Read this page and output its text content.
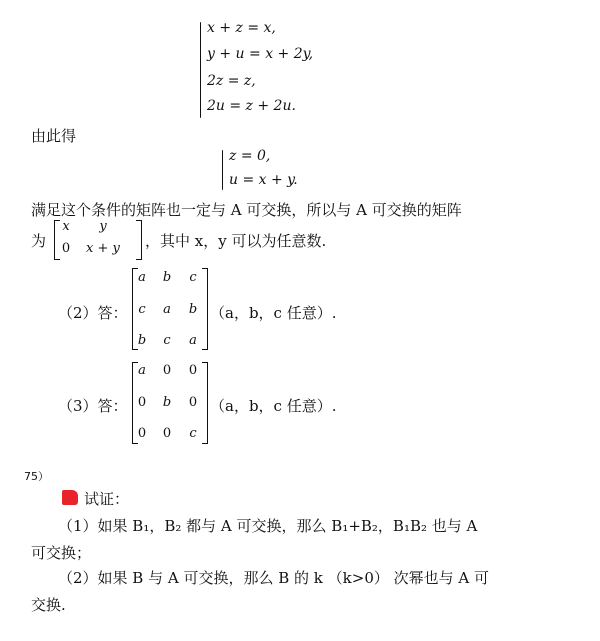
x + z = x,
y + u = x + 2y,
2z = z,
2u = z + 2u.
由此得
z = 0,
u = x + y.
满足这个条件的矩阵也一定与 A 可交换，所以与 A 可交换的矩阵
为
x	y
0	x + y ，其中 x，y 可以为任意数.
（2）答：
a	b	c
c	a	b
b	c	a
（a，b，c 任意）.
（3）答：
a	0	0
0	b	0
0	0	c
（a，b，c 任意）.
75）
试证：
（1）如果 B₁，B₂ 都与 A 可交换，那么 B₁+B₂，B₁B₂ 也与 A
可交换；
（2）如果 B 与 A 可交换，那么 B 的 k （k>0） 次幂也与 A 可
交换.
